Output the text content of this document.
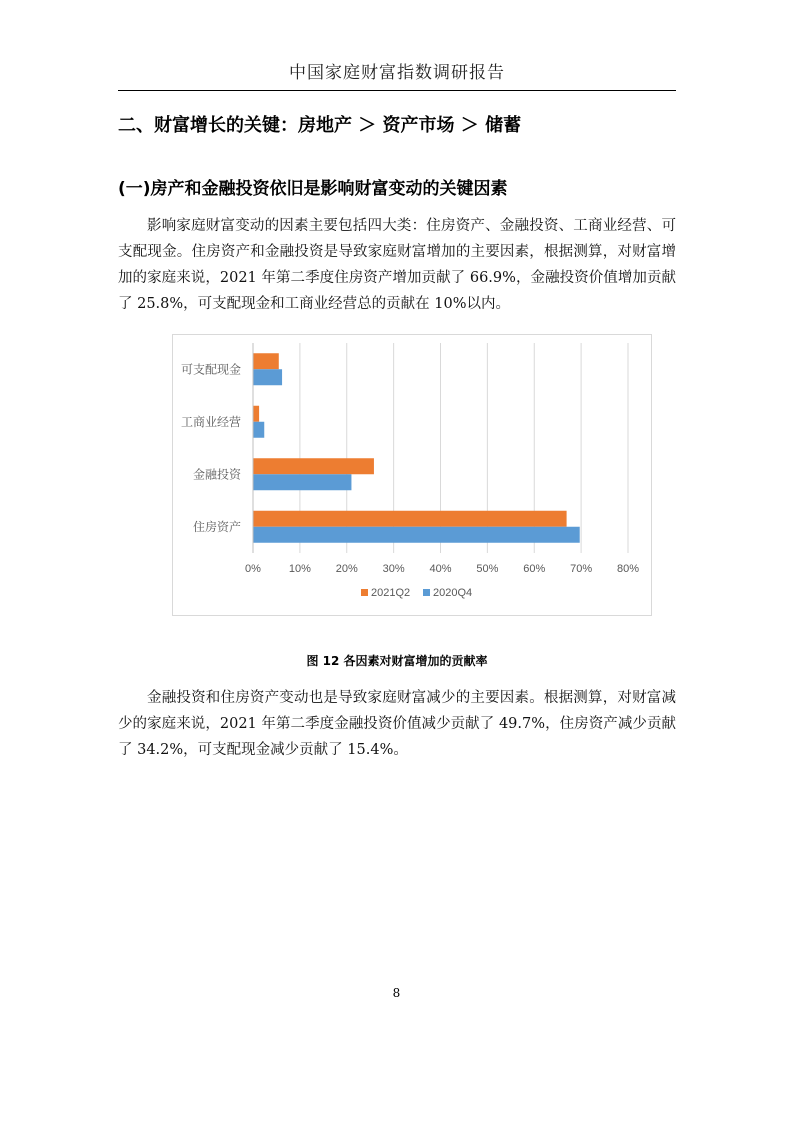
中国家庭财富指数调研报告
二、财富增长的关键：房地产 ＞ 资产市场 ＞ 储蓄
(一)房产和金融投资依旧是影响财富变动的关键因素
影响家庭财富变动的因素主要包括四大类：住房资产、金融投资、工商业经营、可支配现金。住房资产和金融投资是导致家庭财富增加的主要因素，根据测算，对财富增加的家庭来说，2021 年第二季度住房资产增加贡献了 66.9%，金融投资价值增加贡献了 25.8%，可支配现金和工商业经营总的贡献在 10%以内。
0%	10% 20% 30% 40% 50% 60% 70% 80%
可支配现金
工商业经营
金融投资
住房资产
2021Q2 2020Q4
图 12 各因素对财富增加的贡献率
金融投资和住房资产变动也是导致家庭财富减少的主要因素。根据测算，对财富减少的家庭来说，2021 年第二季度金融投资价值减少贡献了 49.7%，住房资产减少贡献了 34.2%，可支配现金减少贡献了 15.4%。
8
